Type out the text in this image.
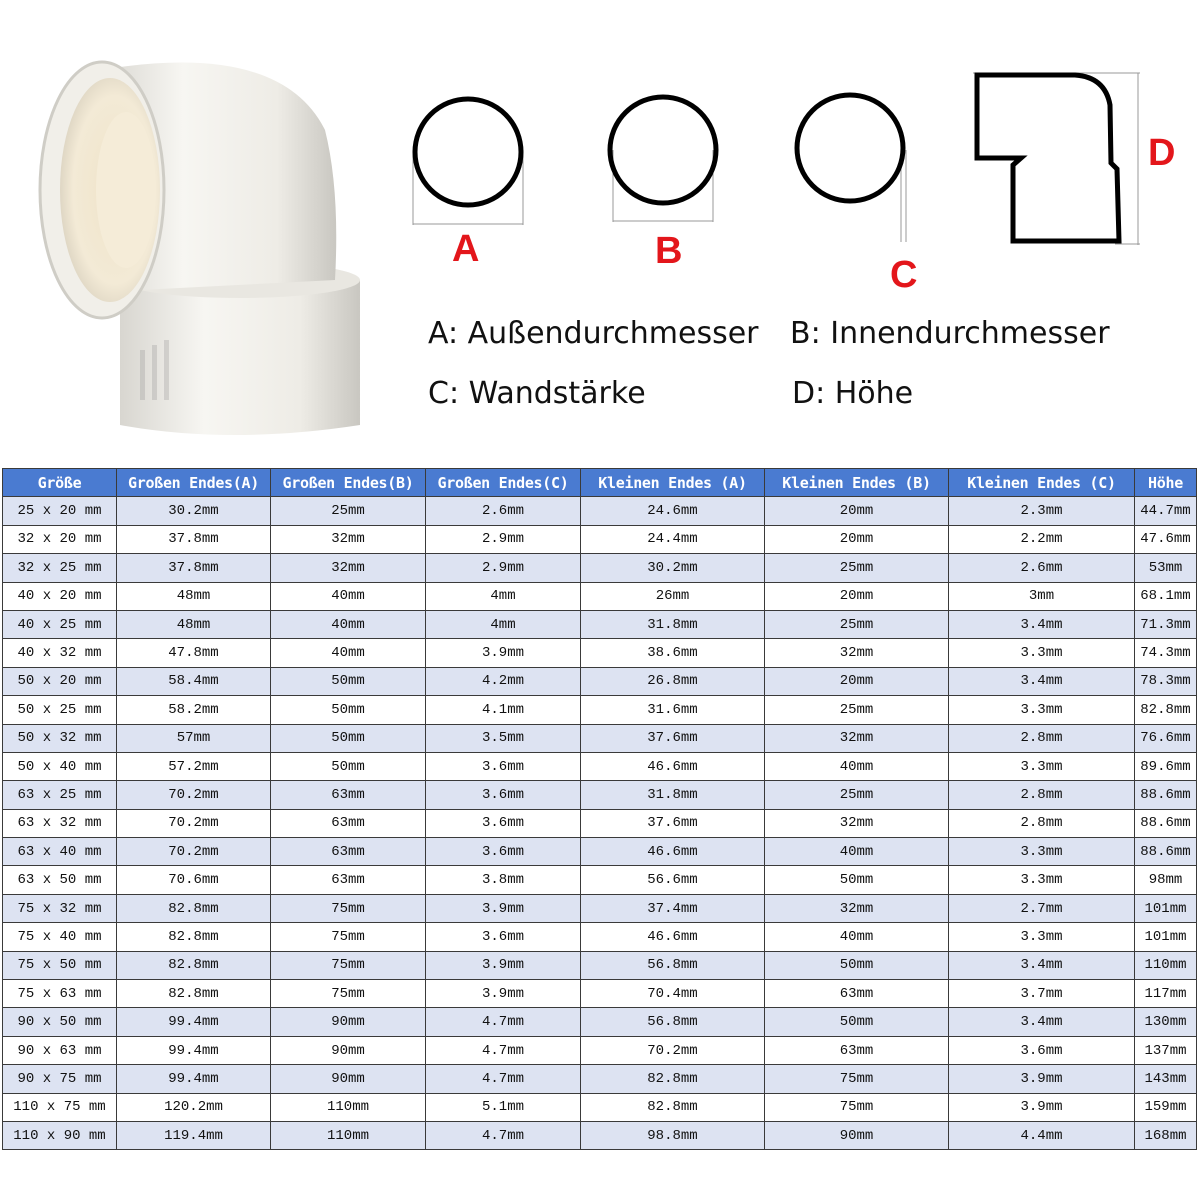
A	B
C
D
A: Außendurchmesser B: Innendurchmesser
C: Wandstärke	D: Höhe
Größe	Großen Endes(A)	Großen Endes(B)	Großen Endes(C)	Kleinen Endes (A)	Kleinen Endes (B)	Kleinen Endes (C)	Höhe
25 x 20 mm	30.2mm	25mm	2.6mm	24.6mm	20mm	2.3mm	44.7mm
32 x 20 mm	37.8mm	32mm	2.9mm	24.4mm	20mm	2.2mm	47.6mm
32 x 25 mm	37.8mm	32mm	2.9mm	30.2mm	25mm	2.6mm	53mm
40 x 20 mm	48mm	40mm	4mm	26mm	20mm	3mm	68.1mm
40 x 25 mm	48mm	40mm	4mm	31.8mm	25mm	3.4mm	71.3mm
40 x 32 mm	47.8mm	40mm	3.9mm	38.6mm	32mm	3.3mm	74.3mm
50 x 20 mm	58.4mm	50mm	4.2mm	26.8mm	20mm	3.4mm	78.3mm
50 x 25 mm	58.2mm	50mm	4.1mm	31.6mm	25mm	3.3mm	82.8mm
50 x 32 mm	57mm	50mm	3.5mm	37.6mm	32mm	2.8mm	76.6mm
50 x 40 mm	57.2mm	50mm	3.6mm	46.6mm	40mm	3.3mm	89.6mm
63 x 25 mm	70.2mm	63mm	3.6mm	31.8mm	25mm	2.8mm	88.6mm
63 x 32 mm	70.2mm	63mm	3.6mm	37.6mm	32mm	2.8mm	88.6mm
63 x 40 mm	70.2mm	63mm	3.6mm	46.6mm	40mm	3.3mm	88.6mm
63 x 50 mm	70.6mm	63mm	3.8mm	56.6mm	50mm	3.3mm	98mm
75 x 32 mm	82.8mm	75mm	3.9mm	37.4mm	32mm	2.7mm	101mm
75 x 40 mm	82.8mm	75mm	3.6mm	46.6mm	40mm	3.3mm	101mm
75 x 50 mm	82.8mm	75mm	3.9mm	56.8mm	50mm	3.4mm	110mm
75 x 63 mm	82.8mm	75mm	3.9mm	70.4mm	63mm	3.7mm	117mm
90 x 50 mm	99.4mm	90mm	4.7mm	56.8mm	50mm	3.4mm	130mm
90 x 63 mm	99.4mm	90mm	4.7mm	70.2mm	63mm	3.6mm	137mm
90 x 75 mm	99.4mm	90mm	4.7mm	82.8mm	75mm	3.9mm	143mm
110 x 75 mm	120.2mm	110mm	5.1mm	82.8mm	75mm	3.9mm	159mm
110 x 90 mm	119.4mm	110mm	4.7mm	98.8mm	90mm	4.4mm	168mm
